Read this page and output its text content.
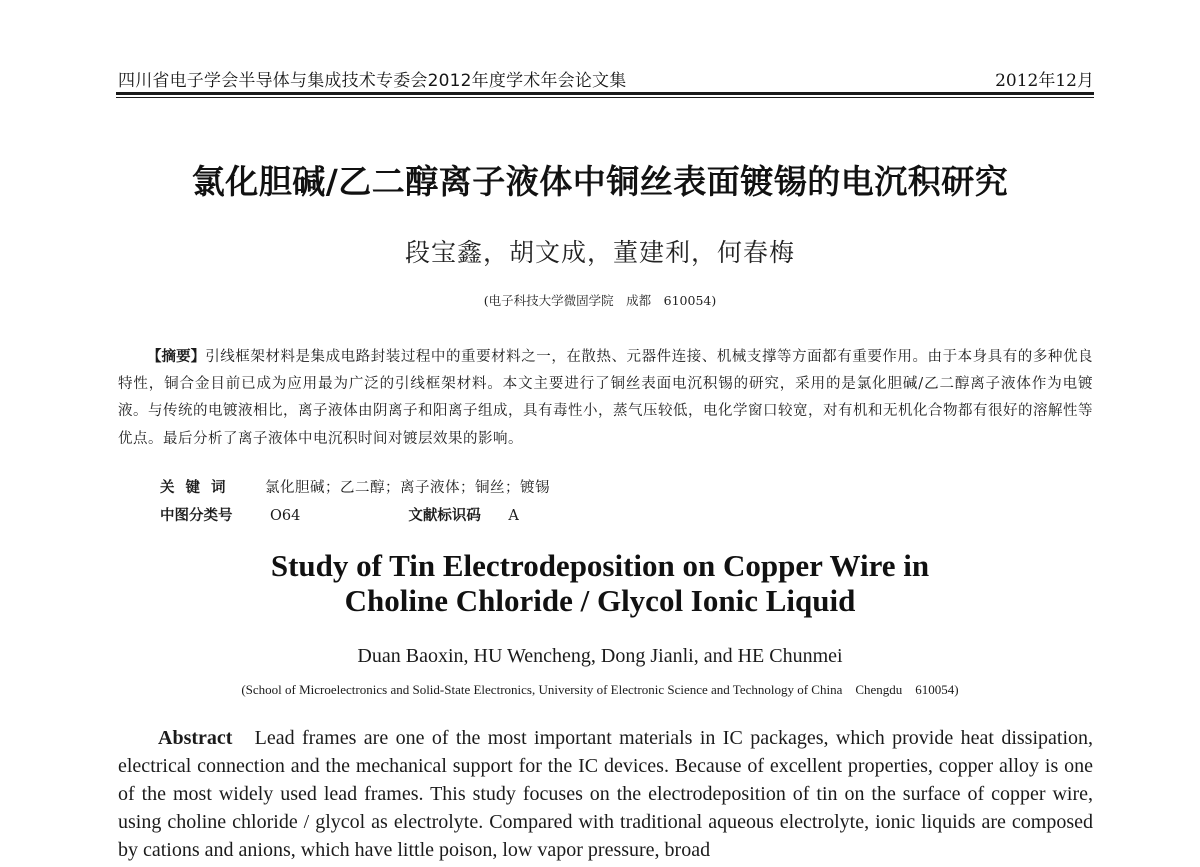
四川省电子学会半导体与集成技术专委会2012年度学术年会论文集	2012年12月
氯化胆碱/乙二醇离子液体中铜丝表面镀锡的电沉积研究
段宝鑫，胡文成，董建利，何春梅
(电子科技大学微固学院　成都　610054)
【摘要】引线框架材料是集成电路封装过程中的重要材料之一，在散热、元器件连接、机械支撑等方面都有重要作用。由于本身具有的多种优良特性，铜合金目前已成为应用最为广泛的引线框架材料。本文主要进行了铜丝表面电沉积锡的研究，采用的是氯化胆碱/乙二醇离子液体作为电镀液。与传统的电镀液相比，离子液体由阴离子和阳离子组成，具有毒性小，蒸气压较低，电化学窗口较宽，对有机和无机化合物都有很好的溶解性等优点。最后分析了离子液体中电沉积时间对镀层效果的影响。
关键词 氯化胆碱；乙二醇；离子液体；铜丝；镀锡
中图分类号	O64	文献标识码 A
Study of Tin Electrodeposition on Copper Wire in
Choline Chloride / Glycol Ionic Liquid
Duan Baoxin, HU Wencheng, Dong Jianli, and HE Chunmei
(School of Microelectronics and Solid-State Electronics, University of Electronic Science and Technology of China　Chengdu　610054)
Abstract Lead frames are one of the most important materials in IC packages, which provide heat dissipation, electrical connection and the mechanical support for the IC devices. Because of excellent properties, copper alloy is one of the most widely used lead frames. This study focuses on the electrodeposition of tin on the surface of copper wire, using choline chloride / glycol as electrolyte. Compared with traditional aqueous electrolyte, ionic liquids are composed by cations and anions, which have little poison, low vapor pressure, broad
